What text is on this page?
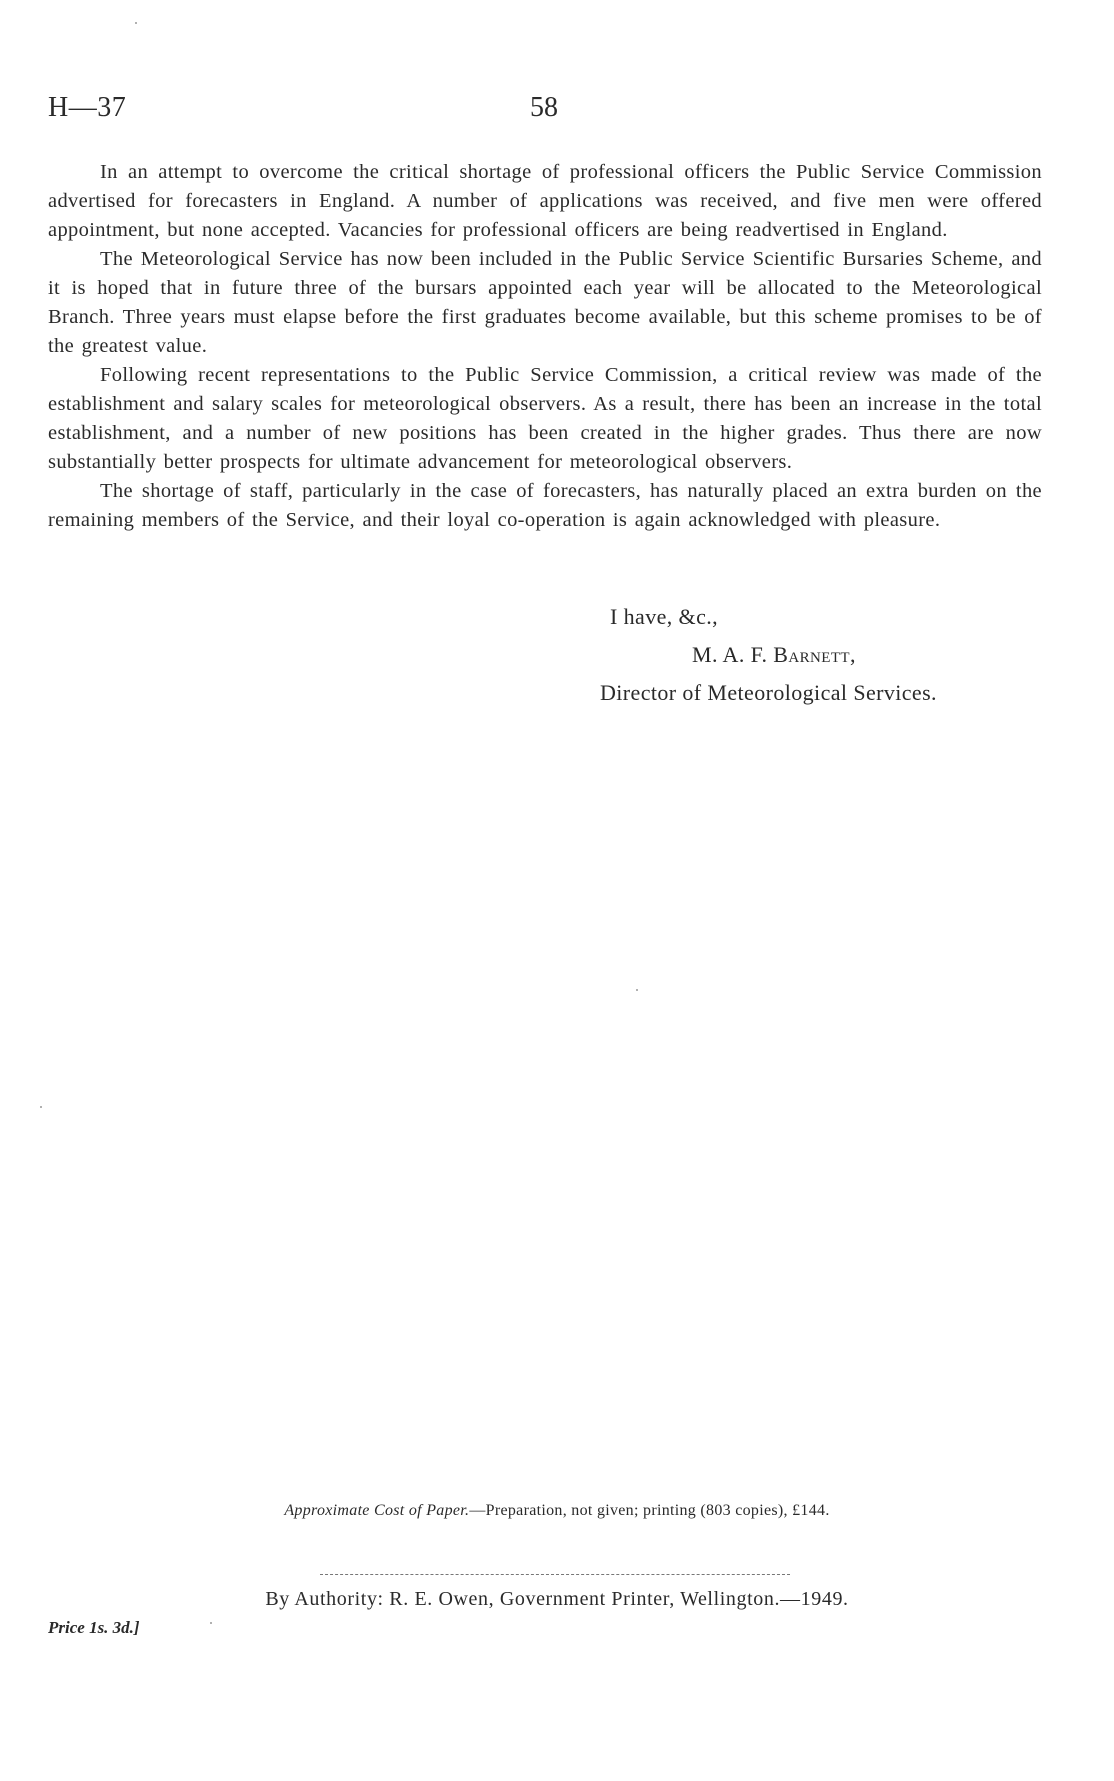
H—37	58

In an attempt to overcome the critical shortage of professional officers the Public Service Commission advertised for forecasters in England. A number of applications was received, and five men were offered appointment, but none accepted. Vacancies for professional officers are being readvertised in England.

The Meteorological Service has now been included in the Public Service Scientific Bursaries Scheme, and it is hoped that in future three of the bursars appointed each year will be allocated to the Meteorological Branch. Three years must elapse before the first graduates become available, but this scheme promises to be of the greatest value.

Following recent representations to the Public Service Commission, a critical review was made of the establishment and salary scales for meteorological observers. As a result, there has been an increase in the total establishment, and a number of new positions has been created in the higher grades. Thus there are now substantially better prospects for ultimate advancement for meteorological observers.

The shortage of staff, particularly in the case of forecasters, has naturally placed an extra burden on the remaining members of the Service, and their loyal co-operation is again acknowledged with pleasure.

I have, &c.,
M. A. F. Barnett,
Director of Meteorological Services.
Approximate Cost of Paper.—Preparation, not given; printing (803 copies), £144.
By Authority: R. E. Owen, Government Printer, Wellington.—1949.
Price 1s. 3d.]
